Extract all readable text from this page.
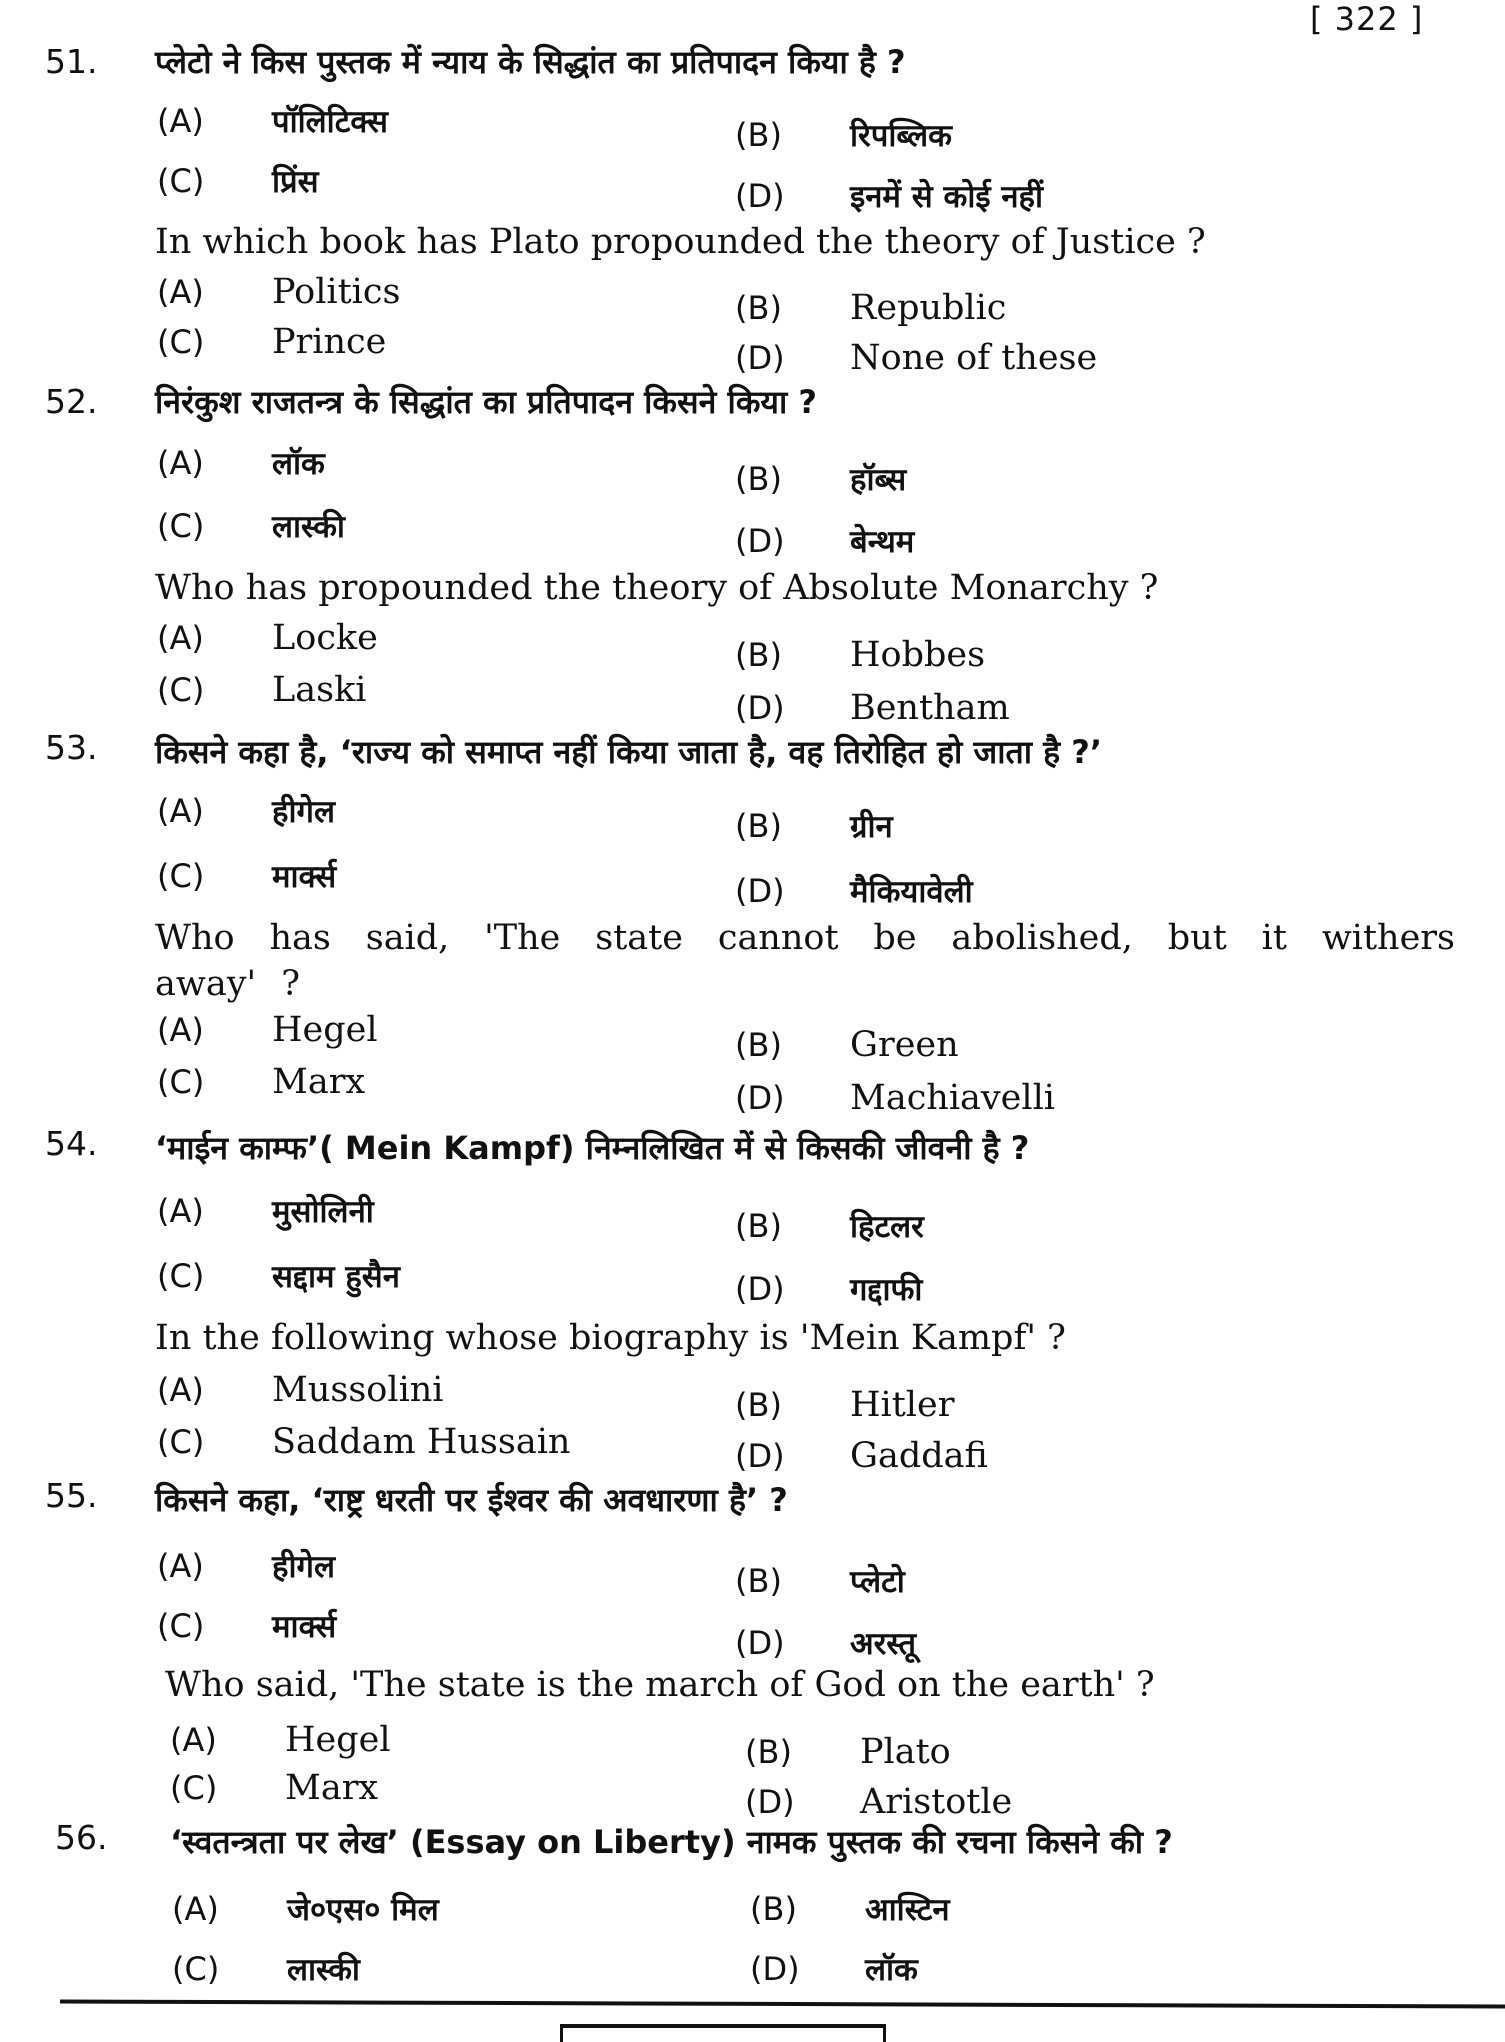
[ 322 ]
51. प्लेटो ने किस पुस्तक में न्याय के सिद्धांत का प्रतिपादन किया है ?
(A) पॉलिटिक्स	(B) रिपब्लिक
(C) प्रिंस	(D) इनमें से कोई नहीं
In which book has Plato propounded the theory of Justice ?
(A) Politics	(B) Republic
(C) Prince	(D) None of these
52. निरंकुश राजतन्त्र के सिद्धांत का प्रतिपादन किसने किया ?
(A) लॉक	(B) हॉब्स
(C) लास्की	(D) बेन्थम
Who has propounded the theory of Absolute Monarchy ?
(A) Locke	(B) Hobbes
(C) Laski	(D) Bentham
53. किसने कहा है, ‘राज्य को समाप्त नहीं किया जाता है, वह तिरोहित हो जाता है ?’
(A) हीगेल	(B) ग्रीन
(C) मार्क्स	(D) मैकियावेली
Who has said, 'The state cannot be abolished, but it withers away' ?
(A) Hegel	(B) Green
(C) Marx	(D) Machiavelli
54. ‘माईन काम्फ’( Mein Kampf) निम्नलिखित में से किसकी जीवनी है ?
(A) मुसोलिनी	(B) हिटलर
(C) सद्दाम हुसैन	(D) गद्दाफी
In the following whose biography is 'Mein Kampf' ?
(A) Mussolini	(B) Hitler
(C) Saddam Hussain	(D) Gaddafi
55. किसने कहा, ‘राष्ट्र धरती पर ईश्वर की अवधारणा है’ ?
(A) हीगेल	(B) प्लेटो
(C) मार्क्स	(D) अरस्तू
Who said, 'The state is the march of God on the earth' ?
(A) Hegel	(B) Plato
(C) Marx	(D) Aristotle
56. ‘स्वतन्त्रता पर लेख’ (Essay on Liberty) नामक पुस्तक की रचना किसने की ?
(A) जे०एस० मिल	(B) आस्टिन
(C) लास्की	(D) लॉक
